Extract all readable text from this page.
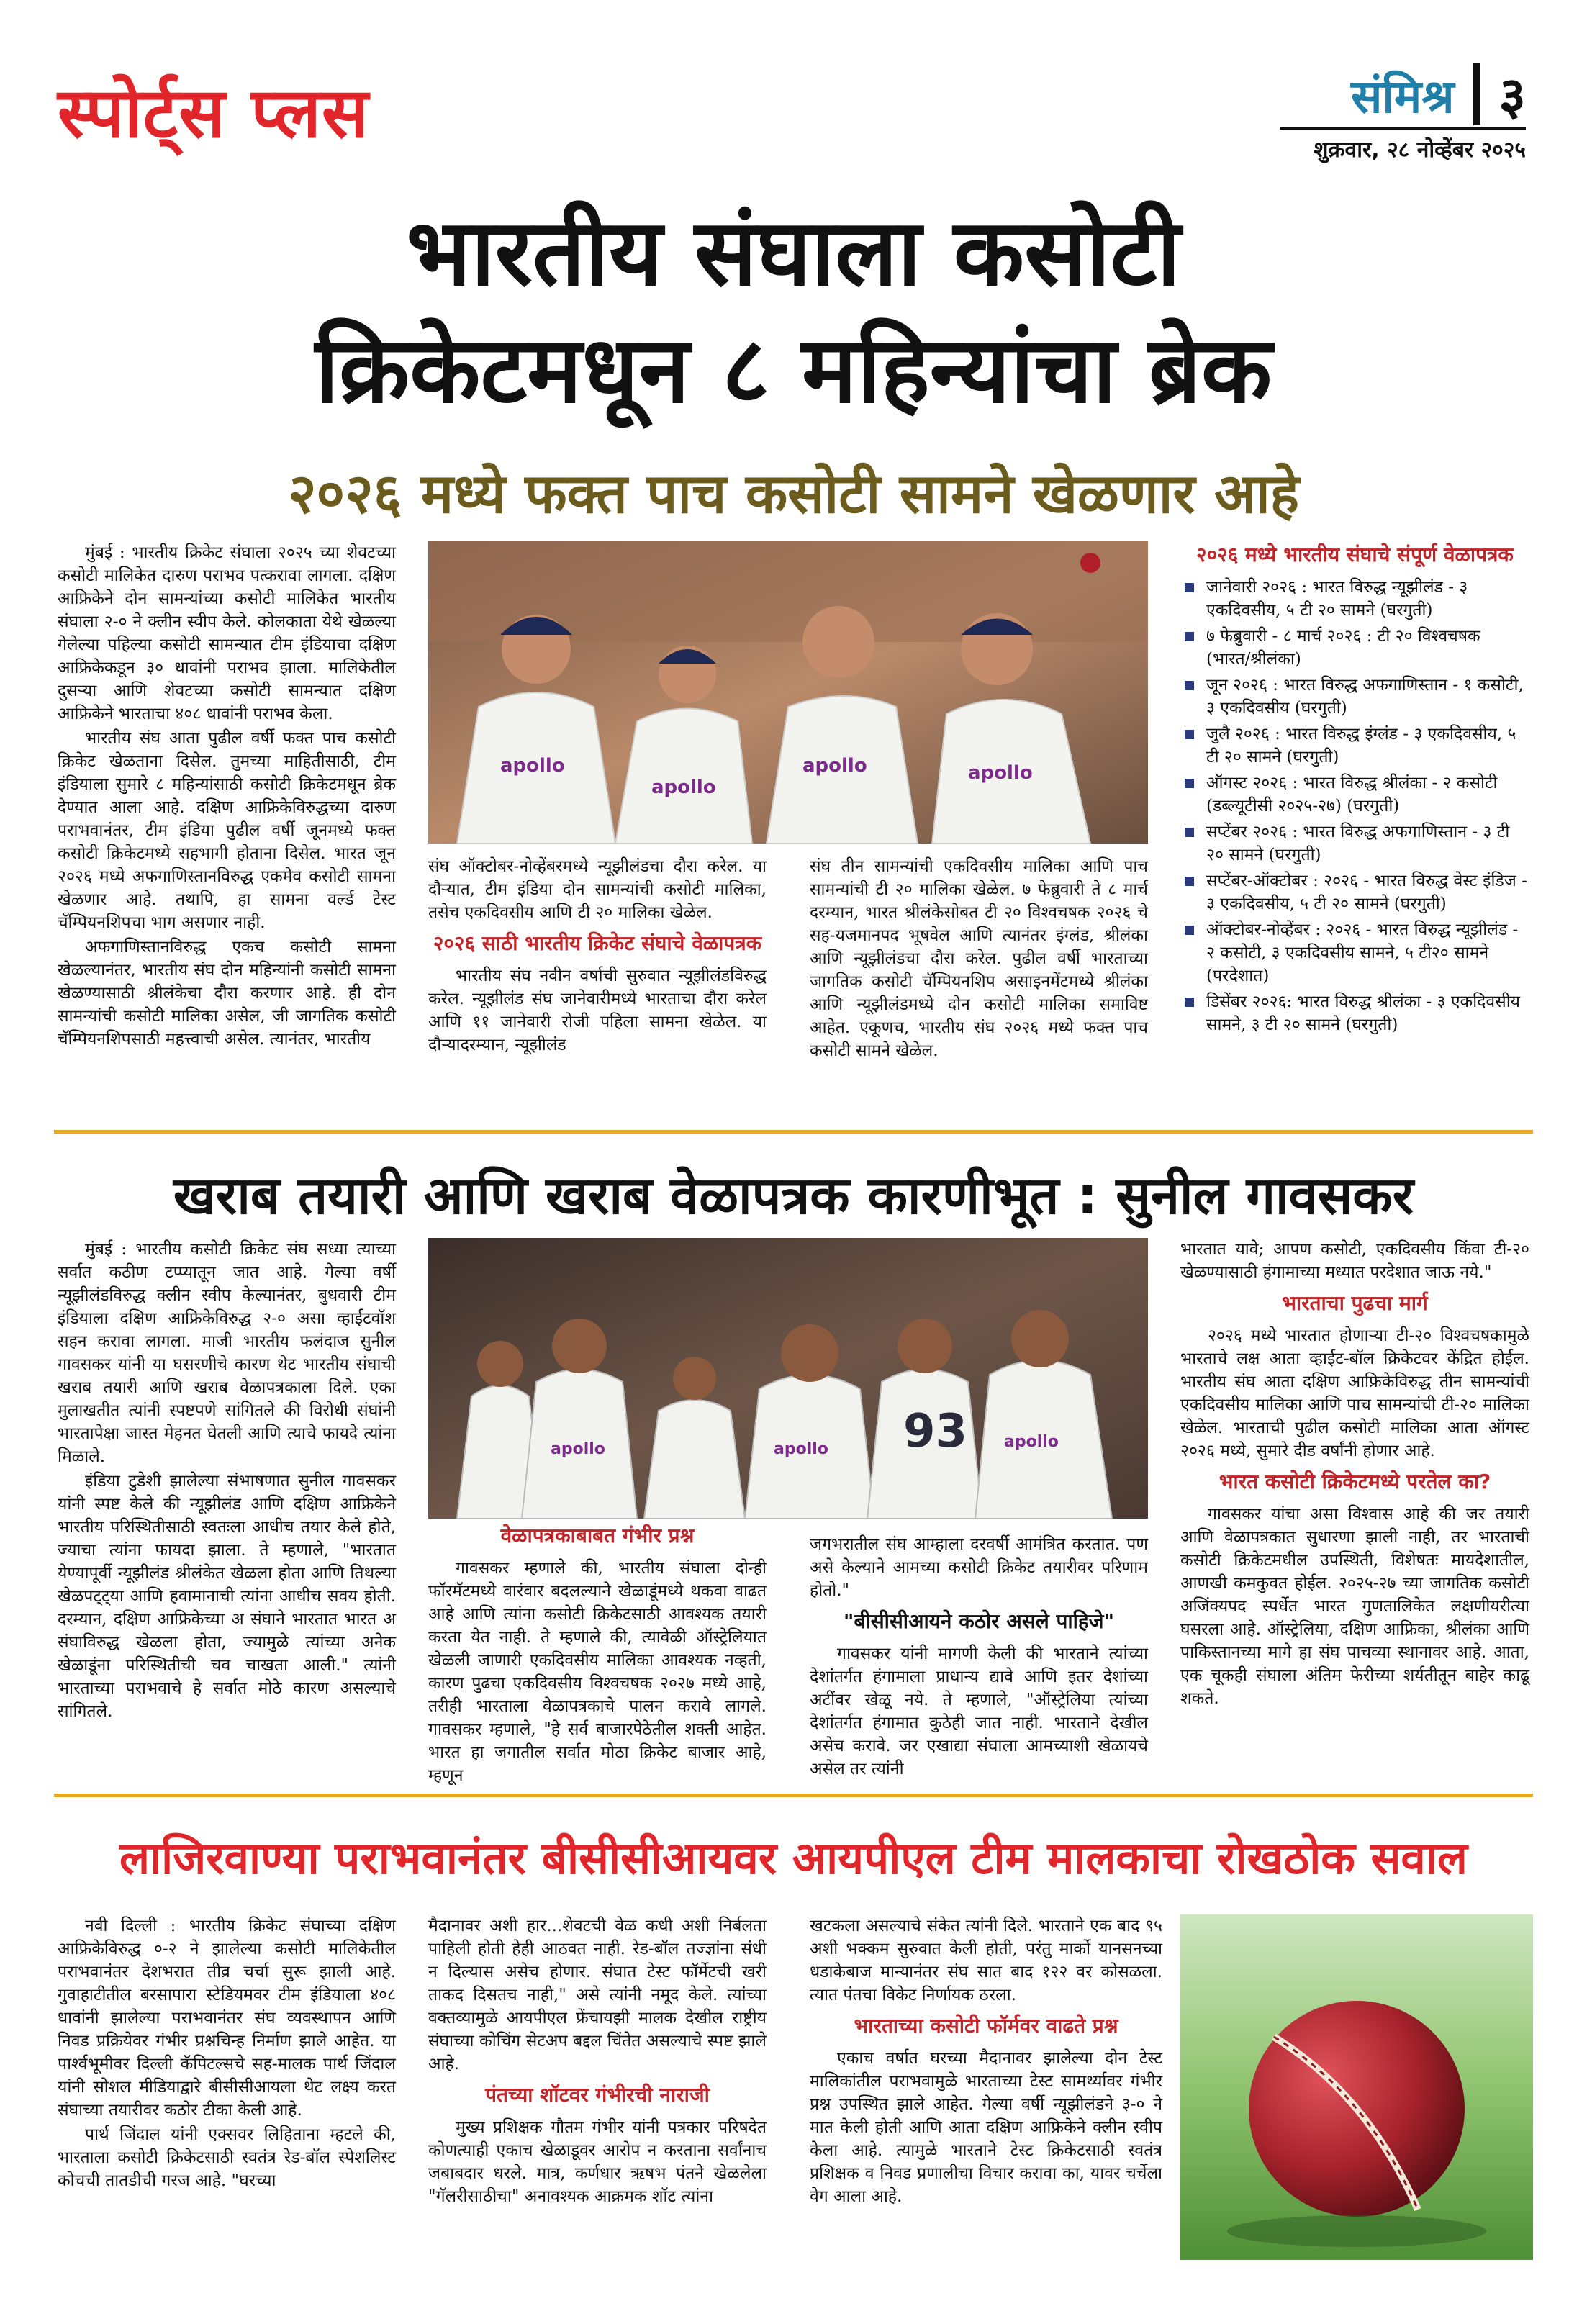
स्पोर्ट्स प्लस	संमिश्र ३
शुक्रवार, २८ नोव्हेंबर २०२५
भारतीय संघाला कसोटी
क्रिकेटमधून ८ महिन्यांचा ब्रेक
२०२६ मध्ये फक्त पाच कसोटी सामने खेळणार आहे

मुंबई : भारतीय क्रिकेट संघाला २०२५ च्या शेवटच्या कसोटी मालिकेत दारुण पराभव पत्करावा लागला. दक्षिण आफ्रिकेने दोन सामन्यांच्या कसोटी मालिकेत भारतीय संघाला २-० ने क्लीन स्वीप केले. कोलकाता येथे खेळल्या गेलेल्या पहिल्या कसोटी सामन्यात टीम इंडियाचा दक्षिण आफ्रिकेकडून ३० धावांनी पराभव झाला. मालिकेतील दुसऱ्या आणि शेवटच्या कसोटी सामन्यात दक्षिण आफ्रिकेने भारताचा ४०८ धावांनी पराभव केला.

भारतीय संघ आता पुढील वर्षी फक्त पाच कसोटी क्रिकेट खेळताना दिसेल. तुमच्या माहितीसाठी, टीम इंडियाला सुमारे ८ महिन्यांसाठी कसोटी क्रिकेटमधून ब्रेक देण्यात आला आहे. दक्षिण आफ्रिकेविरुद्धच्या दारुण पराभवानंतर, टीम इंडिया पुढील वर्षी जूनमध्ये फक्त कसोटी क्रिकेटमध्ये सहभागी होताना दिसेल. भारत जून २०२६ मध्ये अफगाणिस्तानविरुद्ध एकमेव कसोटी सामना खेळणार आहे. तथापि, हा सामना वर्ल्ड टेस्ट चॅम्पियनशिपचा भाग असणार नाही.

अफगाणिस्तानविरुद्ध एकच कसोटी सामना खेळल्यानंतर, भारतीय संघ दोन महिन्यांनी कसोटी सामना खेळण्यासाठी श्रीलंकेचा दौरा करणार आहे. ही दोन सामन्यांची कसोटी मालिका असेल, जी जागतिक कसोटी चॅम्पियनशिपसाठी महत्त्वाची असेल. त्यानंतर, भारतीय

apollo
apollo
apollo	apollo

संघ ऑक्टोबर-नोव्हेंबरमध्ये न्यूझीलंडचा दौरा करेल. या दौऱ्यात, टीम इंडिया दोन सामन्यांची कसोटी मालिका, तसेच एकदिवसीय आणि टी २० मालिका खेळेल.

२०२६ साठी भारतीय क्रिकेट संघाचे वेळापत्रक

भारतीय संघ नवीन वर्षाची सुरुवात न्यूझीलंडविरुद्ध करेल. न्यूझीलंड संघ जानेवारीमध्ये भारताचा दौरा करेल आणि ११ जानेवारी रोजी पहिला सामना खेळेल. या दौऱ्यादरम्यान, न्यूझीलंड

संघ तीन सामन्यांची एकदिवसीय मालिका आणि पाच सामन्यांची टी २० मालिका खेळेल. ७ फेब्रुवारी ते ८ मार्च दरम्यान, भारत श्रीलंकेसोबत टी २० विश्वचषक २०२६ चे सह-यजमानपद भूषवेल आणि त्यानंतर इंग्लंड, श्रीलंका आणि न्यूझीलंडचा दौरा करेल. पुढील वर्षी भारताच्या जागतिक कसोटी चॅम्पियनशिप असाइनमेंटमध्ये श्रीलंका आणि न्यूझीलंडमध्ये दोन कसोटी मालिका समाविष्ट आहेत. एकूणच, भारतीय संघ २०२६ मध्ये फक्त पाच कसोटी सामने खेळेल.

२०२६ मध्ये भारतीय संघाचे संपूर्ण वेळापत्रक
जानेवारी २०२६ : भारत विरुद्ध न्यूझीलंड - ३ एकदिवसीय, ५ टी २० सामने (घरगुती)
७ फेब्रुवारी - ८ मार्च २०२६ : टी २० विश्वचषक (भारत/श्रीलंका)
जून २०२६ : भारत विरुद्ध अफगाणिस्तान - १ कसोटी, ३ एकदिवसीय (घरगुती)
जुलै २०२६ : भारत विरुद्ध इंग्लंड - ३ एकदिवसीय, ५ टी २० सामने (घरगुती)
ऑगस्ट २०२६ : भारत विरुद्ध श्रीलंका - २ कसोटी (डब्ल्यूटीसी २०२५-२७) (घरगुती)
सप्टेंबर २०२६ : भारत विरुद्ध अफगाणिस्तान - ३ टी २० सामने (घरगुती)
सप्टेंबर-ऑक्टोबर : २०२६ - भारत विरुद्ध वेस्ट इंडिज - ३ एकदिवसीय, ५ टी २० सामने (घरगुती)
ऑक्टोबर-नोव्हेंबर : २०२६ - भारत विरुद्ध न्यूझीलंड - २ कसोटी, ३ एकदिवसीय सामने, ५ टी२० सामने (परदेशात)
डिसेंबर २०२६: भारत विरुद्ध श्रीलंका - ३ एकदिवसीय सामने, ३ टी २० सामने (घरगुती)
खराब तयारी आणि खराब वेळापत्रक कारणीभूत : सुनील गावसकर

मुंबई : भारतीय कसोटी क्रिकेट संघ सध्या त्याच्या सर्वात कठीण टप्प्यातून जात आहे. गेल्या वर्षी न्यूझीलंडविरुद्ध क्लीन स्वीप केल्यानंतर, बुधवारी टीम इंडियाला दक्षिण आफ्रिकेविरुद्ध २-० असा व्हाईटवॉश सहन करावा लागला. माजी भारतीय फलंदाज सुनील गावसकर यांनी या घसरणीचे कारण थेट भारतीय संघाची खराब तयारी आणि खराब वेळापत्रकाला दिले. एका मुलाखतीत त्यांनी स्पष्टपणे सांगितले की विरोधी संघांनी भारतापेक्षा जास्त मेहनत घेतली आणि त्याचे फायदे त्यांना मिळाले.

इंडिया टुडेशी झालेल्या संभाषणात सुनील गावसकर यांनी स्पष्ट केले की न्यूझीलंड आणि दक्षिण आफ्रिकेने भारतीय परिस्थितीसाठी स्वतःला आधीच तयार केले होते, ज्याचा त्यांना फायदा झाला. ते म्हणाले, "भारतात येण्यापूर्वी न्यूझीलंड श्रीलंकेत खेळला होता आणि तिथल्या खेळपट्ट्या आणि हवामानाची त्यांना आधीच सवय होती. दरम्यान, दक्षिण आफ्रिकेच्या अ संघाने भारतात भारत अ संघाविरुद्ध खेळला होता, ज्यामुळे त्यांच्या अनेक खेळाडूंना परिस्थितीची चव चाखता आली." त्यांनी भारताच्या पराभवाचे हे सर्वात मोठे कारण असल्याचे सांगितले.

apollo	apollo	apollo
93
वेळापत्रकाबाबत गंभीर प्रश्न

गावसकर म्हणाले की, भारतीय संघाला दोन्ही फॉरमॅटमध्ये वारंवार बदलल्याने खेळाडूंमध्ये थकवा वाढत आहे आणि त्यांना कसोटी क्रिकेटसाठी आवश्यक तयारी करता येत नाही. ते म्हणाले की, त्यावेळी ऑस्ट्रेलियात खेळली जाणारी एकदिवसीय मालिका आवश्यक नव्हती, कारण पुढचा एकदिवसीय विश्वचषक २०२७ मध्ये आहे, तरीही भारताला वेळापत्रकाचे पालन करावे लागले. गावसकर म्हणाले, "हे सर्व बाजारपेठेतील शक्ती आहेत. भारत हा जगातील सर्वात मोठा क्रिकेट बाजार आहे, म्हणून

जगभरातील संघ आम्हाला दरवर्षी आमंत्रित करतात. पण असे केल्याने आमच्या कसोटी क्रिकेट तयारीवर परिणाम होतो."

"बीसीसीआयने कठोर असले पाहिजे"

गावसकर यांनी मागणी केली की भारताने त्यांच्या देशांतर्गत हंगामाला प्राधान्य द्यावे आणि इतर देशांच्या अटींवर खेळू नये. ते म्हणाले, "ऑस्ट्रेलिया त्यांच्या देशांतर्गत हंगामात कुठेही जात नाही. भारताने देखील असेच करावे. जर एखाद्या संघाला आमच्याशी खेळायचे असेल तर त्यांनी

भारतात यावे; आपण कसोटी, एकदिवसीय किंवा टी-२० खेळण्यासाठी हंगामाच्या मध्यात परदेशात जाऊ नये."

भारताचा पुढचा मार्ग

२०२६ मध्ये भारतात होणाऱ्या टी-२० विश्वचषकामुळे भारताचे लक्ष आता व्हाईट-बॉल क्रिकेटवर केंद्रित होईल. भारतीय संघ आता दक्षिण आफ्रिकेविरुद्ध तीन सामन्यांची एकदिवसीय मालिका आणि पाच सामन्यांची टी-२० मालिका खेळेल. भारताची पुढील कसोटी मालिका आता ऑगस्ट २०२६ मध्ये, सुमारे दीड वर्षांनी होणार आहे.

भारत कसोटी क्रिकेटमध्ये परतेल का?

गावसकर यांचा असा विश्वास आहे की जर तयारी आणि वेळापत्रकात सुधारणा झाली नाही, तर भारताची कसोटी क्रिकेटमधील उपस्थिती, विशेषतः मायदेशातील, आणखी कमकुवत होईल. २०२५-२७ च्या जागतिक कसोटी अजिंक्यपद स्पर्धेत भारत गुणतालिकेत लक्षणीयरीत्या घसरला आहे. ऑस्ट्रेलिया, दक्षिण आफ्रिका, श्रीलंका आणि पाकिस्तानच्या मागे हा संघ पाचव्या स्थानावर आहे. आता, एक चूकही संघाला अंतिम फेरीच्या शर्यतीतून बाहेर काढू शकते.

लाजिरवाण्या पराभवानंतर बीसीसीआयवर आयपीएल टीम मालकाचा रोखठोक सवाल

नवी दिल्ली : भारतीय क्रिकेट संघाच्या दक्षिण आफ्रिकेविरुद्ध ०-२ ने झालेल्या कसोटी मालिकेतील पराभवानंतर देशभरात तीव्र चर्चा सुरू झाली आहे. गुवाहाटीतील बरसापारा स्टेडियमवर टीम इंडियाला ४०८ धावांनी झालेल्या पराभवानंतर संघ व्यवस्थापन आणि निवड प्रक्रियेवर गंभीर प्रश्नचिन्ह निर्माण झाले आहेत. या पार्श्वभूमीवर दिल्ली कॅपिटल्सचे सह-मालक पार्थ जिंदाल यांनी सोशल मीडियाद्वारे बीसीसीआयला थेट लक्ष्य करत संघाच्या तयारीवर कठोर टीका केली आहे.

पार्थ जिंदाल यांनी एक्सवर लिहिताना म्हटले की, भारताला कसोटी क्रिकेटसाठी स्वतंत्र रेड-बॉल स्पेशलिस्ट कोचची तातडीची गरज आहे. "घरच्या

मैदानावर अशी हार...शेवटची वेळ कधी अशी निर्बलता पाहिली होती हेही आठवत नाही. रेड-बॉल तज्ज्ञांना संधी न दिल्यास असेच होणार. संघात टेस्ट फॉर्मेटची खरी ताकद दिसतच नाही," असे त्यांनी नमूद केले. त्यांच्या वक्तव्यामुळे आयपीएल फ्रेंचायझी मालक देखील राष्ट्रीय संघाच्या कोचिंग सेटअप बद्दल चिंतेत असल्याचे स्पष्ट झाले आहे.

पंतच्या शॉटवर गंभीरची नाराजी

मुख्य प्रशिक्षक गौतम गंभीर यांनी पत्रकार परिषदेत कोणत्याही एकाच खेळाडूवर आरोप न करताना सर्वांनाच जबाबदार धरले. मात्र, कर्णधार ऋषभ पंतने खेळलेला "गॅलरीसाठीचा" अनावश्यक आक्रमक शॉट त्यांना

खटकला असल्याचे संकेत त्यांनी दिले. भारताने एक बाद ९५ अशी भक्कम सुरुवात केली होती, परंतु मार्को यानसनच्या धडाकेबाज मान्यानंतर संघ सात बाद १२२ वर कोसळला. त्यात पंतचा विकेट निर्णायक ठरला.

भारताच्या कसोटी फॉर्मवर वाढते प्रश्न

एकाच वर्षात घरच्या मैदानावर झालेल्या दोन टेस्ट मालिकांतील पराभवामुळे भारताच्या टेस्ट सामर्थ्यावर गंभीर प्रश्न उपस्थित झाले आहेत. गेल्या वर्षी न्यूझीलंडने ३-० ने मात केली होती आणि आता दक्षिण आफ्रिकेने क्लीन स्वीप केला आहे. त्यामुळे भारताने टेस्ट क्रिकेटसाठी स्वतंत्र प्रशिक्षक व निवड प्रणालीचा विचार करावा का, यावर चर्चेला वेग आला आहे.
